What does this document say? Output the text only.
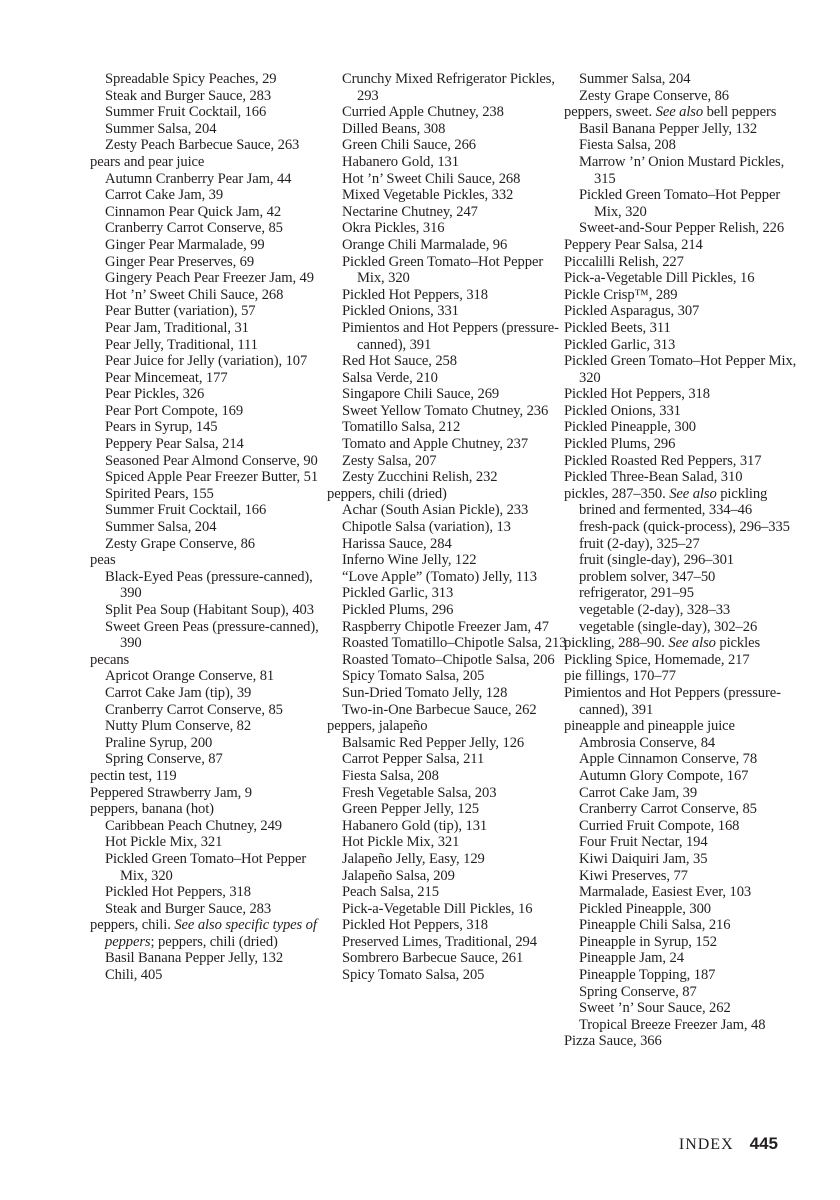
Spreadable Spicy Peaches, 29
Steak and Burger Sauce, 283
Summer Fruit Cocktail, 166
Summer Salsa, 204
Zesty Peach Barbecue Sauce, 263
pears and pear juice
Autumn Cranberry Pear Jam, 44
Carrot Cake Jam, 39
Cinnamon Pear Quick Jam, 42
Cranberry Carrot Conserve, 85
Ginger Pear Marmalade, 99
Ginger Pear Preserves, 69
Gingery Peach Pear Freezer Jam, 49
Hot ’n’ Sweet Chili Sauce, 268
Pear Butter (variation), 57
Pear Jam, Traditional, 31
Pear Jelly, Traditional, 111
Pear Juice for Jelly (variation), 107
Pear Mincemeat, 177
Pear Pickles, 326
Pear Port Compote, 169
Pears in Syrup, 145
Peppery Pear Salsa, 214
Seasoned Pear Almond Conserve, 90
Spiced Apple Pear Freezer Butter, 51
Spirited Pears, 155
Summer Fruit Cocktail, 166
Summer Salsa, 204
Zesty Grape Conserve, 86
peas
Black-Eyed Peas (pressure-canned), 390
Split Pea Soup (Habitant Soup), 403
Sweet Green Peas (pressure-canned), 390
pecans
Apricot Orange Conserve, 81
Carrot Cake Jam (tip), 39
Cranberry Carrot Conserve, 85
Nutty Plum Conserve, 82
Praline Syrup, 200
Spring Conserve, 87
pectin test, 119
Peppered Strawberry Jam, 9
peppers, banana (hot)
Caribbean Peach Chutney, 249
Hot Pickle Mix, 321
Pickled Green Tomato–Hot Pepper Mix, 320
Pickled Hot Peppers, 318
Steak and Burger Sauce, 283
peppers, chili. See also specific types of peppers; peppers, chili (dried)
Basil Banana Pepper Jelly, 132
Chili, 405
Crunchy Mixed Refrigerator Pickles, 293
Curried Apple Chutney, 238
Dilled Beans, 308
Green Chili Sauce, 266
Habanero Gold, 131
Hot ’n’ Sweet Chili Sauce, 268
Mixed Vegetable Pickles, 332
Nectarine Chutney, 247
Okra Pickles, 316
Orange Chili Marmalade, 96
Pickled Green Tomato–Hot Pepper Mix, 320
Pickled Hot Peppers, 318
Pickled Onions, 331
Pimientos and Hot Peppers (pressure-canned), 391
Red Hot Sauce, 258
Salsa Verde, 210
Singapore Chili Sauce, 269
Sweet Yellow Tomato Chutney, 236
Tomatillo Salsa, 212
Tomato and Apple Chutney, 237
Zesty Salsa, 207
Zesty Zucchini Relish, 232
peppers, chili (dried)
Achar (South Asian Pickle), 233
Chipotle Salsa (variation), 13
Harissa Sauce, 284
Inferno Wine Jelly, 122
“Love Apple” (Tomato) Jelly, 113
Pickled Garlic, 313
Pickled Plums, 296
Raspberry Chipotle Freezer Jam, 47
Roasted Tomatillo–Chipotle Salsa, 213
Roasted Tomato–Chipotle Salsa, 206
Spicy Tomato Salsa, 205
Sun-Dried Tomato Jelly, 128
Two-in-One Barbecue Sauce, 262
peppers, jalapeño
Balsamic Red Pepper Jelly, 126
Carrot Pepper Salsa, 211
Fiesta Salsa, 208
Fresh Vegetable Salsa, 203
Green Pepper Jelly, 125
Habanero Gold (tip), 131
Hot Pickle Mix, 321
Jalapeño Jelly, Easy, 129
Jalapeño Salsa, 209
Peach Salsa, 215
Pick-a-Vegetable Dill Pickles, 16
Pickled Hot Peppers, 318
Preserved Limes, Traditional, 294
Sombrero Barbecue Sauce, 261
Spicy Tomato Salsa, 205
Summer Salsa, 204
Zesty Grape Conserve, 86
peppers, sweet. See also bell peppers
Basil Banana Pepper Jelly, 132
Fiesta Salsa, 208
Marrow ’n’ Onion Mustard Pickles, 315
Pickled Green Tomato–Hot Pepper Mix, 320
Sweet-and-Sour Pepper Relish, 226
Peppery Pear Salsa, 214
Piccalilli Relish, 227
Pick-a-Vegetable Dill Pickles, 16
Pickle Crisp™, 289
Pickled Asparagus, 307
Pickled Beets, 311
Pickled Garlic, 313
Pickled Green Tomato–Hot Pepper Mix, 320
Pickled Hot Peppers, 318
Pickled Onions, 331
Pickled Pineapple, 300
Pickled Plums, 296
Pickled Roasted Red Peppers, 317
Pickled Three-Bean Salad, 310
pickles, 287–350. See also pickling
brined and fermented, 334–46
fresh-pack (quick-process), 296–335
fruit (2-day), 325–27
fruit (single-day), 296–301
problem solver, 347–50
refrigerator, 291–95
vegetable (2-day), 328–33
vegetable (single-day), 302–26
pickling, 288–90. See also pickles
Pickling Spice, Homemade, 217
pie fillings, 170–77
Pimientos and Hot Peppers (pressure-canned), 391
pineapple and pineapple juice
Ambrosia Conserve, 84
Apple Cinnamon Conserve, 78
Autumn Glory Compote, 167
Carrot Cake Jam, 39
Cranberry Carrot Conserve, 85
Curried Fruit Compote, 168
Four Fruit Nectar, 194
Kiwi Daiquiri Jam, 35
Kiwi Preserves, 77
Marmalade, Easiest Ever, 103
Pickled Pineapple, 300
Pineapple Chili Salsa, 216
Pineapple in Syrup, 152
Pineapple Jam, 24
Pineapple Topping, 187
Spring Conserve, 87
Sweet ’n’ Sour Sauce, 262
Tropical Breeze Freezer Jam, 48
Pizza Sauce, 366
INDEX 445
